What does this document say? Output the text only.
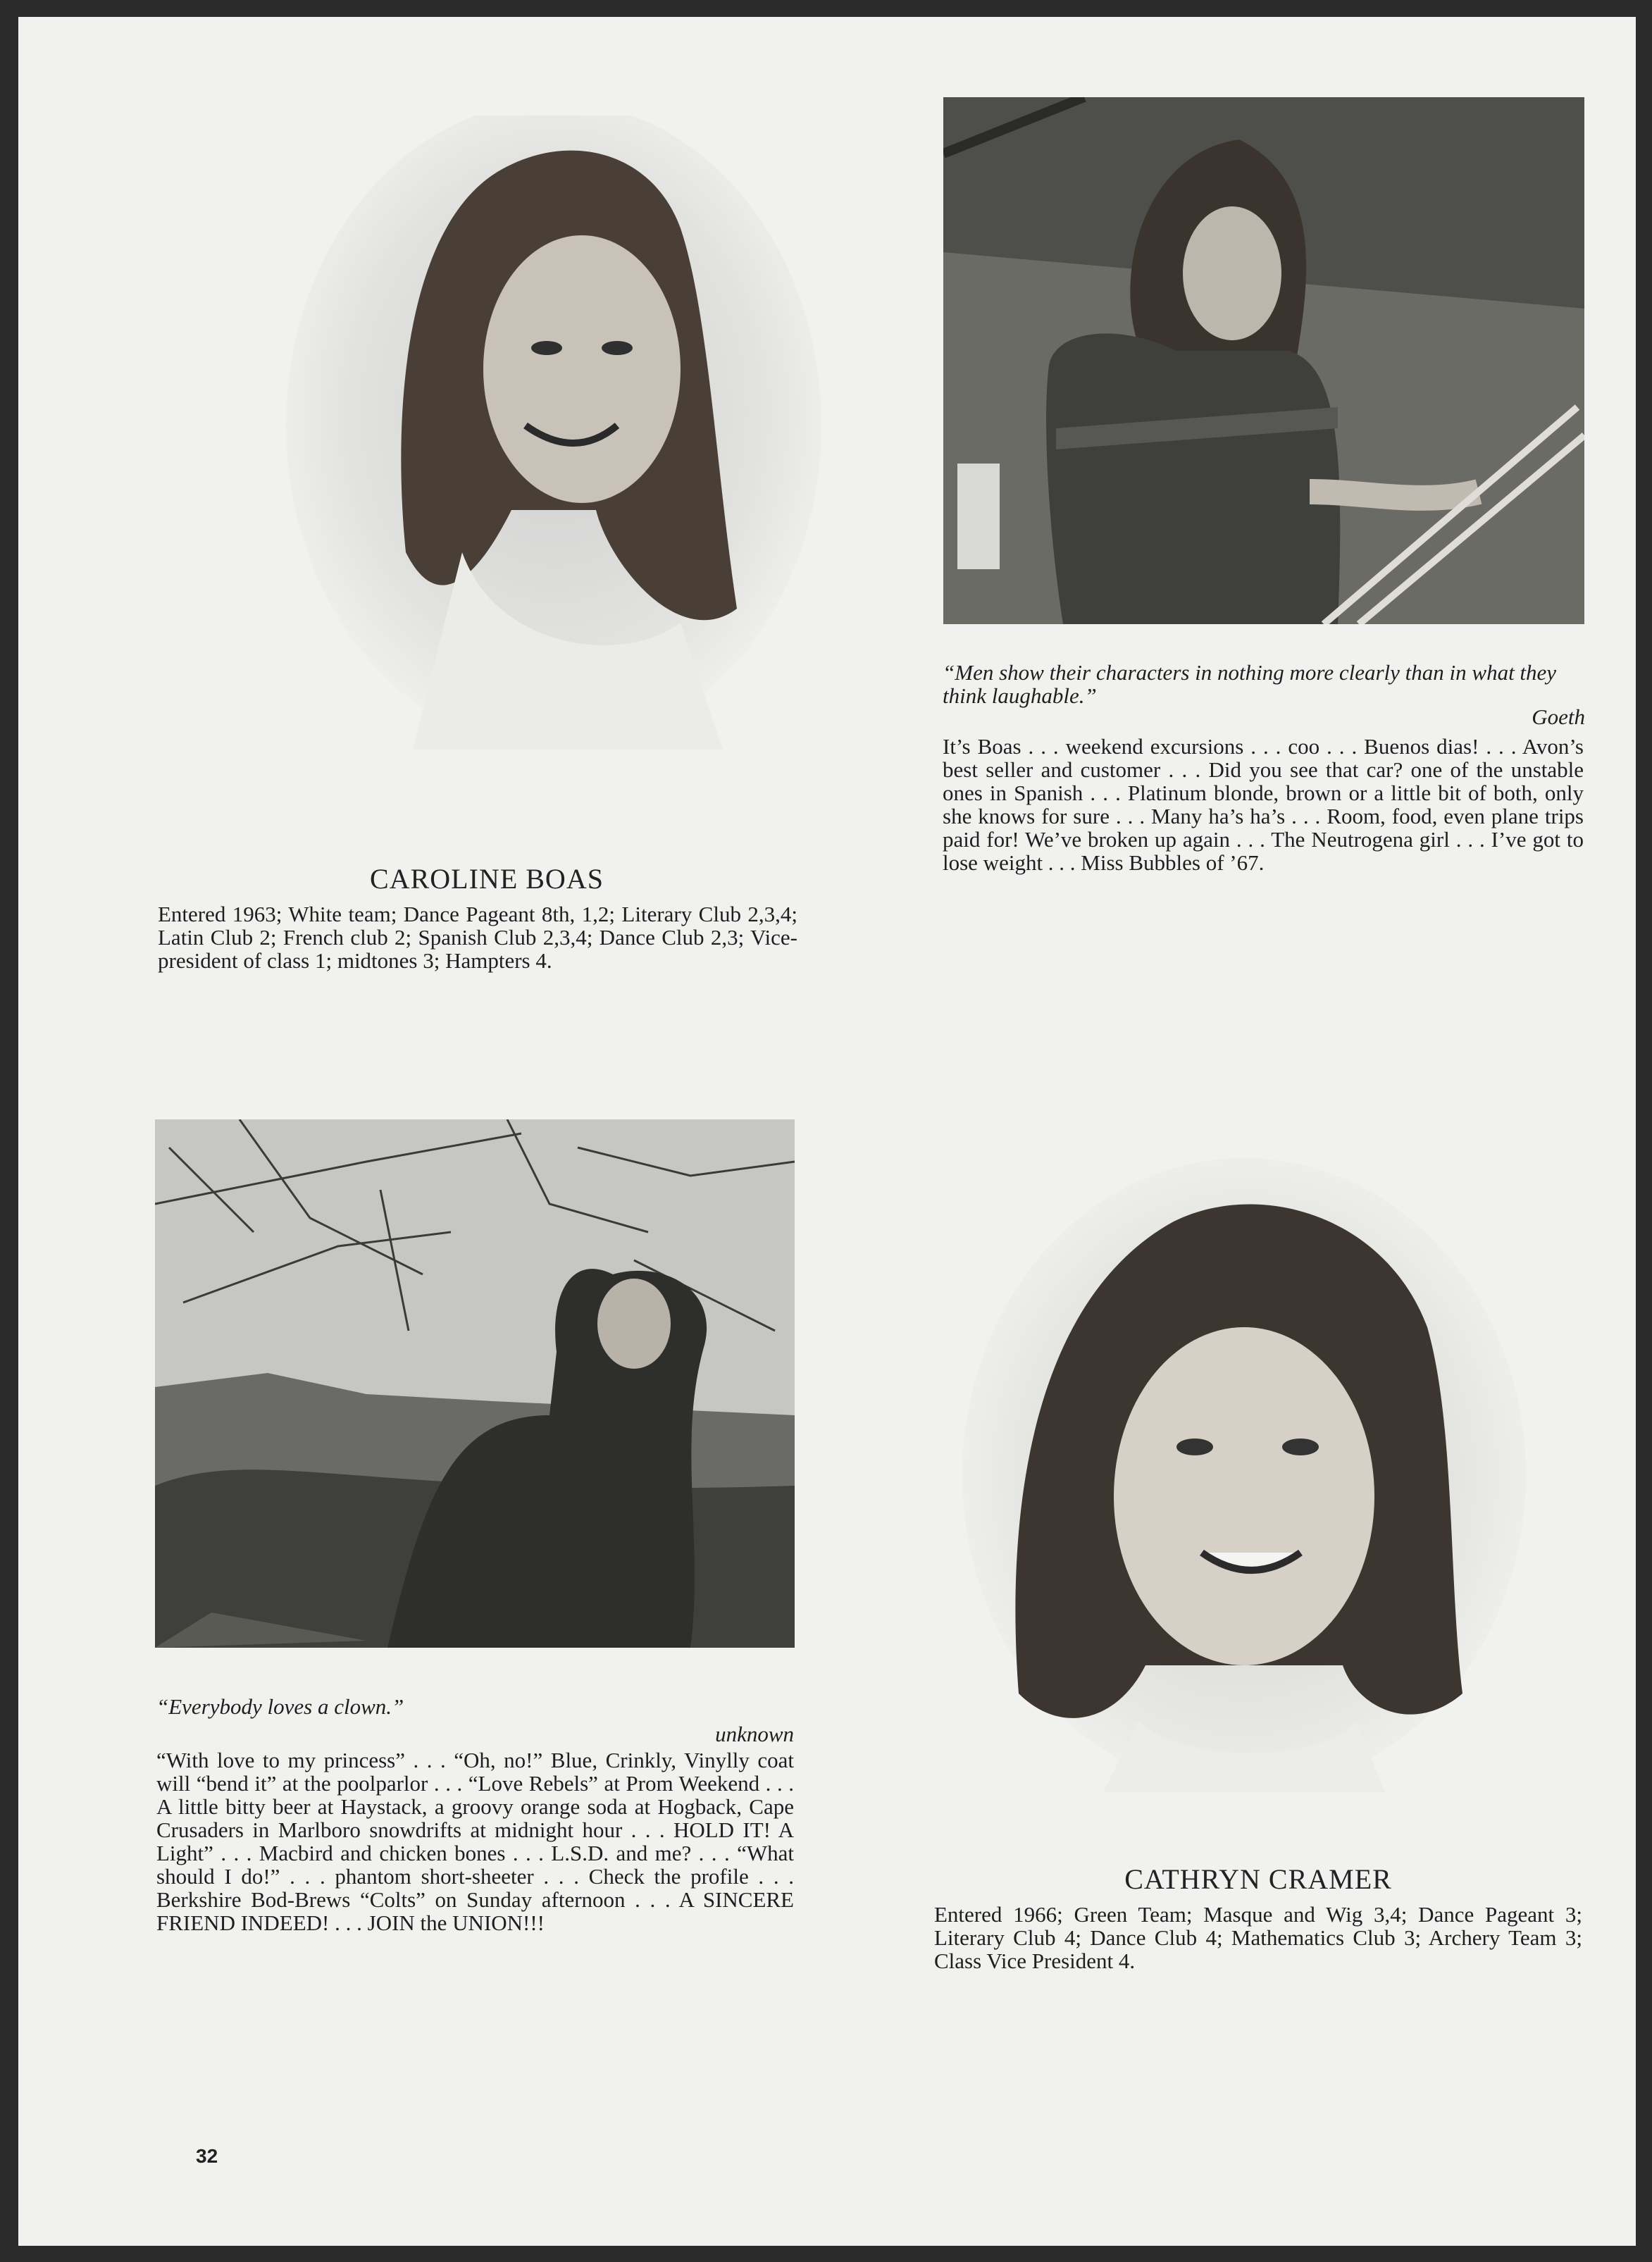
CAROLINE BOAS
Entered 1963; White team; Dance Pageant 8th, 1,2; Literary Club 2,3,4; Latin Club 2; French club 2; Spanish Club 2,3,4; Dance Club 2,3; Vice-president of class 1; midtones 3; Hampters 4.
“Men show their characters in nothing more clearly than in what they think laughable.”
Goeth
It’s Boas . . . weekend excursions . . . coo . . . Buenos dias! . . . Avon’s best seller and customer . . . Did you see that car? one of the unstable ones in Spanish . . . Platinum blonde, brown or a little bit of both, only she knows for sure . . . Many ha’s ha’s . . . Room, food, even plane trips paid for! We’ve broken up again . . . The Neutrogena girl . . . I’ve got to lose weight . . . Miss Bubbles of ’67.
“Everybody loves a clown.”
unknown
“With love to my princess” . . . “Oh, no!” Blue, Crinkly, Vinylly coat will “bend it” at the poolparlor . . . “Love Rebels” at Prom Weekend . . . A little bitty beer at Haystack, a groovy orange soda at Hogback, Cape Crusaders in Marlboro snowdrifts at midnight hour . . . HOLD IT! A Light” . . . Macbird and chicken bones . . . L.S.D. and me? . . . “What should I do!” . . . phantom short-sheeter . . . Check the profile . . . Berkshire Bod-Brews “Colts” on Sunday afternoon . . . A SINCERE FRIEND INDEED! . . . JOIN the UNION!!!
CATHRYN CRAMER
Entered 1966; Green Team; Masque and Wig 3,4; Dance Pageant 3; Literary Club 4; Dance Club 4; Mathematics Club 3; Archery Team 3; Class Vice President 4.
32
